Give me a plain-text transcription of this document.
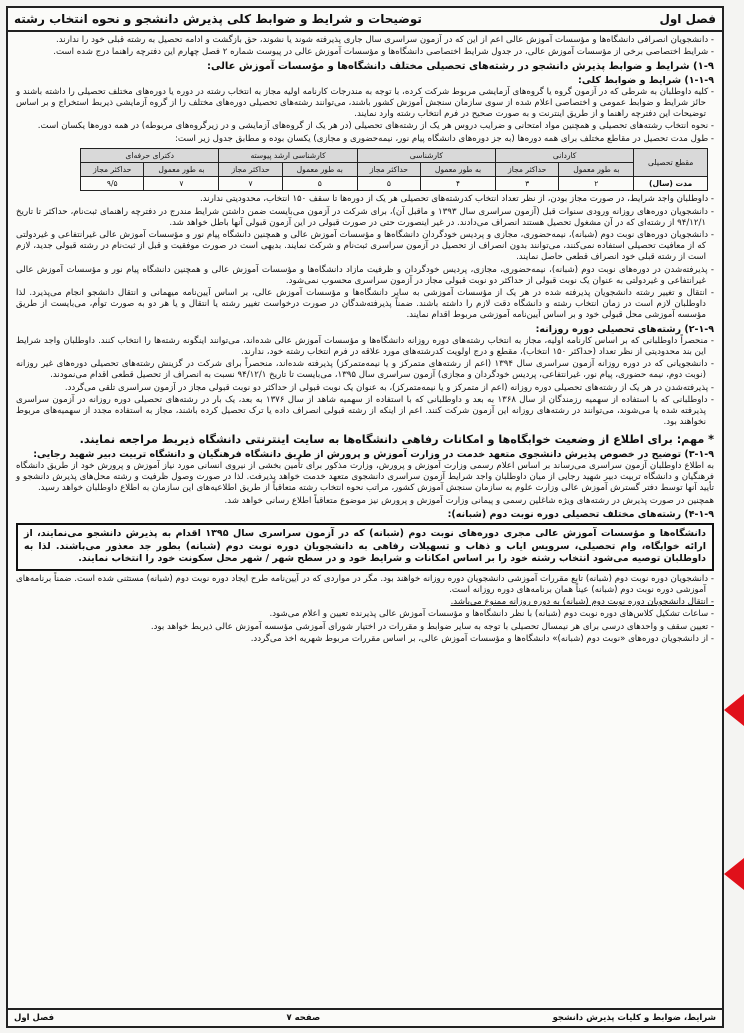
فصل اول
توضیحات و شرایط و ضوابط کلی پذیرش دانشجو و نحوه انتخاب رشته
- دانشجویان انصرافی دانشگاه‌ها و مؤسسات آموزش عالی اعم از این که در آزمون سراسری سال جاری پذیرفته شوند یا نشوند، حق بازگشت و ادامه تحصیل به رشته قبلی خود را ندارند.
- شرایط اختصاصی برخی از مؤسسات آموزش عالی، در جدول شرایط اختصاصی دانشگاه‌ها و مؤسسات آموزش عالی در پیوست شماره ۲ فصل چهارم این دفترچه راهنما درج شده است.
۱-۹) شرایط و ضوابط پذیرش دانشجو در رشته‌های تحصیلی مختلف دانشگاه‌ها و مؤسسات آموزش عالی:
۱-۱-۹) شرایط و ضوابط کلی:
- کلیه داوطلبان به شرطی که در آزمون گروه یا گروه‌های آزمایشی مربوط شرکت کرده، با توجه به مندرجات کارنامه اولیه مجاز به انتخاب رشته در دوره یا دوره‌های مختلف تحصیلی را داشته باشند و حائز شرایط و ضوابط عمومی و اختصاصی اعلام شده از سوی سازمان سنجش آموزش کشور باشند، می‌توانند رشته‌های تحصیلی دوره‌های مختلف را از گروه آزمایشی ذیربط استخراج و بر اساس توضیحات این دفترچه راهنما و از طریق اینترنت و به صورت صحیح در فرم انتخاب رشته وارد نمایند.
- نحوه انتخاب رشته‌های تحصیلی و همچنین مواد امتحانی و ضرایب دروس هر یک از رشته‌های تحصیلی (در هر یک از گروه‌های آزمایشی و در زیرگروه‌های مربوطه) در همه دوره‌ها یکسان است.
- طول مدت تحصیل در مقاطع مختلف برای همه دوره‌ها (به جز دوره‌های دانشگاه پیام نور، نیمه‌حضوری و مجازی) یکسان بوده و مطابق جدول زیر است:
مقطع تحصیلی	کاردانی		کارشناسی		کارشناسی ارشد پیوسته		دکترای حرفه‌ای	
	به طور معمول	حداکثر مجاز	به طور معمول	حداکثر مجاز	به طور معمول	حداکثر مجاز	به طور معمول	حداکثر مجاز
مدت (سال)	۲	۳	۴	۵	۵	۷	۷	۹/۵
- داوطلبان واجد شرایط، در صورت مجاز بودن، از نظر تعداد انتخاب کدرشته‌های تحصیلی هر یک از دوره‌ها تا سقف ۱۵۰ انتخاب، محدودیتی ندارند.
- دانشجویان دوره‌های روزانه ورودی سنوات قبل (آزمون سراسری سال ۱۳۹۳ و ماقبل آن)، برای شرکت در آزمون می‌بایست ضمن داشتن شرایط مندرج در دفترچه راهنمای ثبت‌نام، حداکثر تا تاریخ ۹۴/۱۲/۱ از رشته‌ای که در آن مشغول تحصیل هستند انصراف می‌دادند. در غیر اینصورت حتی در صورت قبولی در این آزمون قبولی آنها باطل خواهد شد.
- دانشجویان دوره‌های نوبت دوم (شبانه)، نیمه‌حضوری، مجازی و پردیس خودگردان دانشگاه‌ها و مؤسسات آموزش عالی و همچنین دانشگاه پیام نور و مؤسسات آموزش عالی غیرانتفاعی و غیردولتی که از معافیت تحصیلی استفاده نمی‌کنند، می‌توانند بدون انصراف از تحصیل در آزمون سراسری ثبت‌نام و شرکت نمایند. بدیهی است در صورت موفقیت و قبل از ثبت‌نام در رشته قبولی جدید، لازم است از رشته قبلی خود انصراف قطعی حاصل نمایند.
- پذیرفته‌شدن در دوره‌های نوبت دوم (شبانه)، نیمه‌حضوری، مجازی، پردیس خودگردان و ظرفیت مازاد دانشگاه‌ها و مؤسسات آموزش عالی و همچنین دانشگاه پیام نور و مؤسسات آموزش عالی غیرانتفاعی و غیردولتی به عنوان یک نوبت قبولی از حداکثر دو نوبت قبولی مجاز در آزمون سراسری محسوب نمی‌شود.
- انتقال و تغییر رشته دانشجویان پذیرفته شده در هر یک از مؤسسات آموزشی به سایر دانشگاه‌ها و مؤسسات آموزش عالی، بر اساس آیین‌نامه میهمانی و انتقال دانشجو انجام می‌پذیرد. لذا داوطلبان لازم است در زمان انتخاب رشته و دانشگاه دقت لازم را داشته باشند. ضمناً پذیرفته‌شدگان در صورت درخواست تغییر رشته یا انتقال و یا هر دو به صورت توأم، می‌بایست از طریق مؤسسه آموزشی محل قبولی خود و بر اساس آیین‌نامه آموزشی مربوط اقدام نمایند.
۲-۱-۹) رشته‌های تحصیلی دوره روزانه:
- منحصراً داوطلبانی که بر اساس کارنامه اولیه، مجاز به انتخاب رشته‌های دوره روزانه دانشگاه‌ها و مؤسسات آموزش عالی شده‌اند، می‌توانند اینگونه رشته‌ها را انتخاب کنند. داوطلبان واجد شرایط این بند محدودیتی از نظر تعداد (حداکثر ۱۵۰ انتخاب)، مقطع و درج اولویت کدرشته‌های مورد علاقه در فرم انتخاب رشته خود، ندارند.
- دانشجویانی که در دوره روزانه آزمون سراسری سال ۱۳۹۴ (اعم از رشته‌های متمرکز و یا نیمه‌متمرکز) پذیرفته شده‌اند، منحصراً برای شرکت در گزینش رشته‌های تحصیلی دوره‌های غیر روزانه (نوبت دوم، نیمه حضوری، پیام نور، غیرانتفاعی، پردیس خودگردان و مجازی) آزمون سراسری سال ۱۳۹۵، می‌بایست تا تاریخ ۹۴/۱۲/۱ نسبت به انصراف از تحصیل قطعی اقدام می‌نمودند.
- پذیرفته‌شدن در هر یک از رشته‌های تحصیلی دوره روزانه (اعم از متمرکز و یا نیمه‌متمرکز)، به عنوان یک نوبت قبولی از حداکثر دو نوبت قبولی مجاز در آزمون سراسری تلقی می‌گردد.
- داوطلبانی که با استفاده از سهمیه رزمندگان از سال ۱۳۶۸ به بعد و داوطلبانی که با استفاده از سهمیه شاهد از سال ۱۳۷۶ به بعد، یک بار در رشته‌های تحصیلی دوره روزانه در آزمون سراسری پذیرفته شده یا می‌شوند، می‌توانند در رشته‌های روزانه این آزمون شرکت کنند. اعم از اینکه از رشته قبولی انصراف داده یا ترک تحصیل کرده باشند، مجاز به استفاده مجدد از سهمیه‌های مربوط نخواهند بود.
* مهم: برای اطلاع از وضعیت خوابگاه‌ها و امکانات رفاهی دانشگاه‌ها به سایت اینترنتی دانشگاه ذیربط مراجعه نمایند.
۳-۱-۹) توضیح در خصوص پذیرش دانشجوی متعهد خدمت در وزارت آموزش و پرورش از طریق دانشگاه فرهنگیان و دانشگاه تربیت دبیر شهید رجایی:
به اطلاع داوطلبان آزمون سراسری می‌رساند بر اساس اعلام رسمی وزارت آموزش و پرورش، وزارت مذکور برای تأمین بخشی از نیروی انسانی مورد نیاز آموزش و پرورش خود از طریق دانشگاه فرهنگیان و دانشگاه تربیت دبیر شهید رجایی از میان داوطلبان واجد شرایط آزمون سراسری دانشجوی متعهد خدمت خواهد پذیرفت. لذا در صورت وصول ظرفیت و رشته محل‌های پذیرش دانشجو و تأیید آنها توسط دفتر گسترش آموزش عالی وزارت علوم به سازمان سنجش آموزش کشور، مراتب نحوه انتخاب رشته متعاقباً از طریق اطلاعیه‌های این سازمان به اطلاع داوطلبان خواهد رسید.
همچنین در صورت پذیرش در رشته‌های ویژه شاغلین رسمی و پیمانی وزارت آموزش و پرورش نیز موضوع متعاقباً اطلاع رسانی خواهد شد.
۴-۱-۹) رشته‌های مختلف تحصیلی دوره نوبت دوم (شبانه):
دانشگاه‌ها و مؤسسات آموزش عالی مجری دوره‌های نوبت دوم (شبانه) که در آزمون سراسری سال ۱۳۹۵ اقدام به پذیرش دانشجو می‌نمایند، از ارائه خوابگاه، وام تحصیلی، سرویس ایاب و ذهاب و تسهیلات رفاهی به دانشجویان دوره نوبت دوم (شبانه) بطور جد معذور می‌باشند. لذا به داوطلبان توصیه می‌شود انتخاب رشته خود را بر اساس امکانات و شرایط خود و در سطح شهر / شهر محل سکونت خود را انتخاب نمایند.
- دانشجویان دوره نوبت دوم (شبانه) تابع مقررات آموزشی دانشجویان دوره روزانه خواهند بود. مگر در مواردی که در آیین‌نامه طرح ایجاد دوره نوبت دوم (شبانه) مستثنی شده است. ضمناً برنامه‌های آموزشی دوره نوبت دوم (شبانه) عیناً همان برنامه‌های دوره روزانه است.
- انتقال دانشجویان دوره نوبت دوم (شبانه) به دوره روزانه ممنوع می‌باشد.
- ساعات تشکیل کلاس‌های دوره نوبت دوم (شبانه) با نظر دانشگاه‌ها و مؤسسات آموزش عالی پذیرنده تعیین و اعلام می‌شود.
- تعیین سقف و واحدهای درسی برای هر نیمسال تحصیلی با توجه به سایر ضوابط و مقررات در اختیار شورای آموزشی مؤسسه آموزش عالی ذیربط خواهد بود.
- از دانشجویان دوره‌های «نوبت دوم (شبانه)» دانشگاه‌ها و مؤسسات آموزش عالی، بر اساس مقررات مربوط شهریه اخذ می‌گردد.
شرایط، ضوابط و کلیات پذیرش دانشجو
صفحه ۷
فصل اول
